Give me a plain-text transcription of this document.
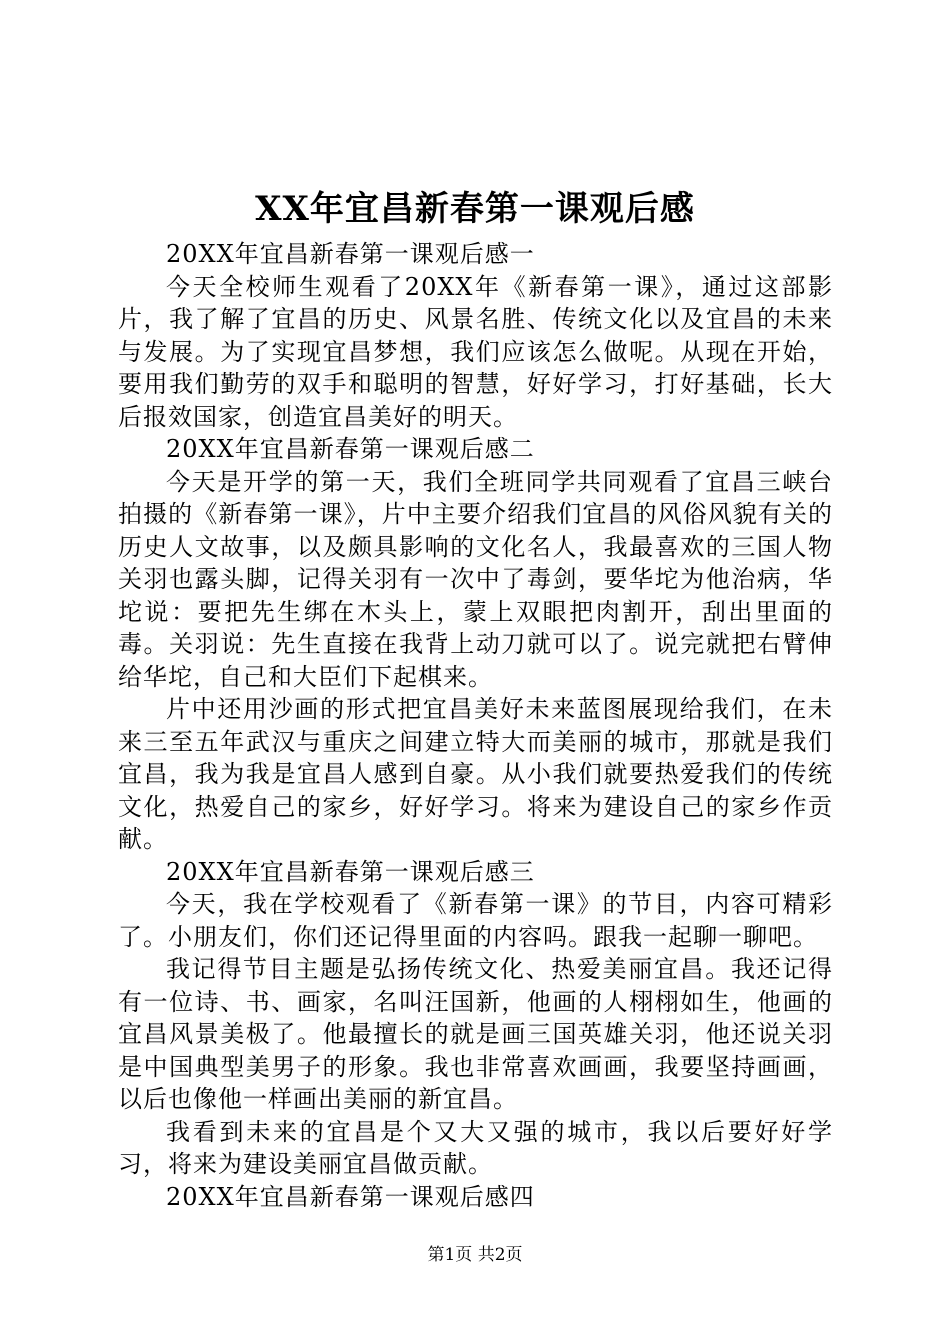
XX年宜昌新春第一课观后感

20XX年宜昌新春第一课观后感一

今天全校师生观看了20XX年《新春第一课》，通过这部影片，我了解了宜昌的历史、风景名胜、传统文化以及宜昌的未来与发展。为了实现宜昌梦想，我们应该怎么做呢。从现在开始，要用我们勤劳的双手和聪明的智慧，好好学习，打好基础，长大后报效国家，创造宜昌美好的明天。

20XX年宜昌新春第一课观后感二

今天是开学的第一天，我们全班同学共同观看了宜昌三峡台拍摄的《新春第一课》，片中主要介绍我们宜昌的风俗风貌有关的历史人文故事，以及颇具影响的文化名人，我最喜欢的三国人物关羽也露头脚，记得关羽有一次中了毒剑，要华坨为他治病，华坨说：要把先生绑在木头上，蒙上双眼把肉割开，刮出里面的毒。关羽说：先生直接在我背上动刀就可以了。说完就把右臂伸给华坨，自己和大臣们下起棋来。

片中还用沙画的形式把宜昌美好未来蓝图展现给我们，在未来三至五年武汉与重庆之间建立特大而美丽的城市，那就是我们宜昌，我为我是宜昌人感到自豪。从小我们就要热爱我们的传统文化，热爱自己的家乡，好好学习。将来为建设自己的家乡作贡献。

20XX年宜昌新春第一课观后感三

今天，我在学校观看了《新春第一课》的节目，内容可精彩了。小朋友们，你们还记得里面的内容吗。跟我一起聊一聊吧。

我记得节目主题是弘扬传统文化、热爱美丽宜昌。我还记得有一位诗、书、画家，名叫汪国新，他画的人栩栩如生，他画的宜昌风景美极了。他最擅长的就是画三国英雄关羽，他还说关羽是中国典型美男子的形象。我也非常喜欢画画，我要坚持画画，以后也像他一样画出美丽的新宜昌。

我看到未来的宜昌是个又大又强的城市，我以后要好好学习，将来为建设美丽宜昌做贡献。

20XX年宜昌新春第一课观后感四

第1页 共2页
